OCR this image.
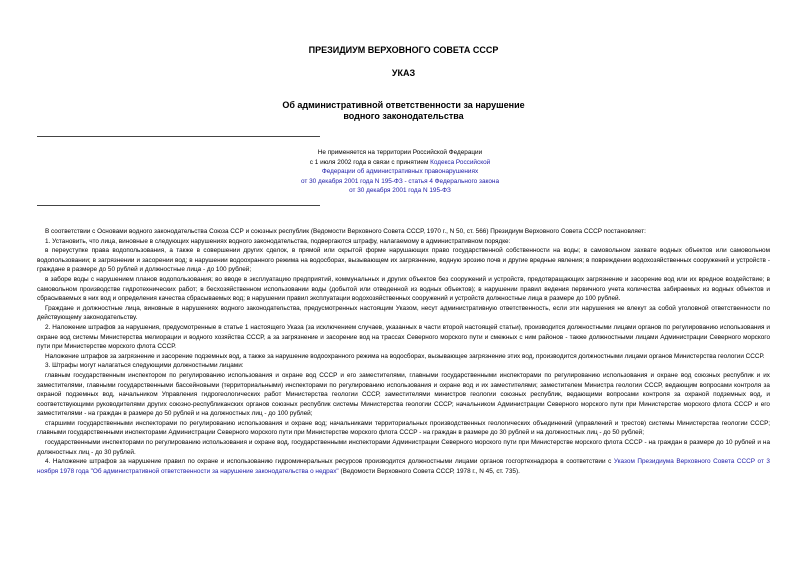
ПРЕЗИДИУМ ВЕРХОВНОГО СОВЕТА СССР
УКАЗ
Об административной ответственности за нарушение
водного законодательства
Не применяется на территории Российской Федерации
с 1 июля 2002 года в связи с принятием Кодекса Российской
Федерации об административных правонарушениях
от 30 декабря 2001 года N 195-ФЗ - статья 4 Федерального закона
от 30 декабря 2001 года N 195-ФЗ

В соответствии с Основами водного законодательства Союза ССР и союзных республик (Ведомости Верховного Совета СССР, 1970 г., N 50, ст. 566) Президиум Верховного Совета СССР постановляет:

1. Установить, что лица, виновные в следующих нарушениях водного законодательства, подвергаются штрафу, налагаемому в административном порядке:

в переуступке права водопользования, а также в совершении других сделок, в прямой или скрытой форме нарушающих право государственной собственности на воды; в самовольном захвате водных объектов или самовольном водопользовании; в загрязнении и засорении вод; в нарушении водоохранного режима на водосборах, вызывающем их загрязнение, водную эрозию почв и другие вредные явления; в повреждении водохозяйственных сооружений и устройств - граждане в размере до 50 рублей и должностные лица - до 100 рублей;

в заборе воды с нарушением планов водопользования; во вводе в эксплуатацию предприятий, коммунальных и других объектов без сооружений и устройств, предотвращающих загрязнение и засорение вод или их вредное воздействие; в самовольном производстве гидротехнических работ; в бесхозяйственном использовании воды (добытой или отведенной из водных объектов); в нарушении правил ведения первичного учета количества забираемых из водных объектов и сбрасываемых в них вод и определения качества сбрасываемых вод; в нарушении правил эксплуатации водохозяйственных сооружений и устройств должностные лица в размере до 100 рублей.

Граждане и должностные лица, виновные в нарушениях водного законодательства, предусмотренных настоящим Указом, несут административную ответственность, если эти нарушения не влекут за собой уголовной ответственности по действующему законодательству.

2. Наложение штрафов за нарушения, предусмотренные в статье 1 настоящего Указа (за исключением случаев, указанных в части второй настоящей статьи), производится должностными лицами органов по регулированию использования и охране вод системы Министерства мелиорации и водного хозяйства СССР, а за загрязнение и засорение вод на трассах Северного морского пути и смежных с ним районов - также должностными лицами Администрации Северного морского пути при Министерстве морского флота СССР.

Наложение штрафов за загрязнение и засорение подземных вод, а также за нарушение водоохранного режима на водосборах, вызывающее загрязнение этих вод, производится должностными лицами органов Министерства геологии СССР.

3. Штрафы могут налагаться следующими должностными лицами:

главным государственным инспектором по регулированию использования и охране вод СССР и его заместителями, главными государственными инспекторами по регулированию использования и охране вод союзных республик и их заместителями, главными государственными бассейновыми (территориальными) инспекторами по регулированию использования и охране вод и их заместителями; заместителем Министра геологии СССР, ведающим вопросами контроля за охраной подземных вод, начальником Управления гидрогеологических работ Министерства геологии СССР, заместителями министров геологии союзных республик, ведающими вопросами контроля за охраной подземных вод, и соответствующими руководителями других союзно-республиканских органов союзных республик системы Министерства геологии СССР; начальником Администрации Северного морского пути при Министерстве морского флота СССР и его заместителями - на граждан в размере до 50 рублей и на должностных лиц - до 100 рублей;

старшими государственными инспекторами по регулированию использования и охране вод; начальниками территориальных производственных геологических объединений (управлений и трестов) системы Министерства геологии СССР; главными государственными инспекторами Администрации Северного морского пути при Министерстве морского флота СССР - на граждан в размере до 30 рублей и на должностных лиц - до 50 рублей;

государственными инспекторами по регулированию использования и охране вод, государственными инспекторами Администрации Северного морского пути при Министерстве морского флота СССР - на граждан в размере до 10 рублей и на должностных лиц - до 30 рублей.

4. Наложение штрафов за нарушение правил по охране и использованию гидроминеральных ресурсов производится должностными лицами органов госгортехнадзора в соответствии с Указом Президиума Верховного Совета СССР от 3 ноября 1978 года "Об административной ответственности за нарушение законодательства о недрах" (Ведомости Верховного Совета СССР, 1978 г., N 45, ст. 735).
